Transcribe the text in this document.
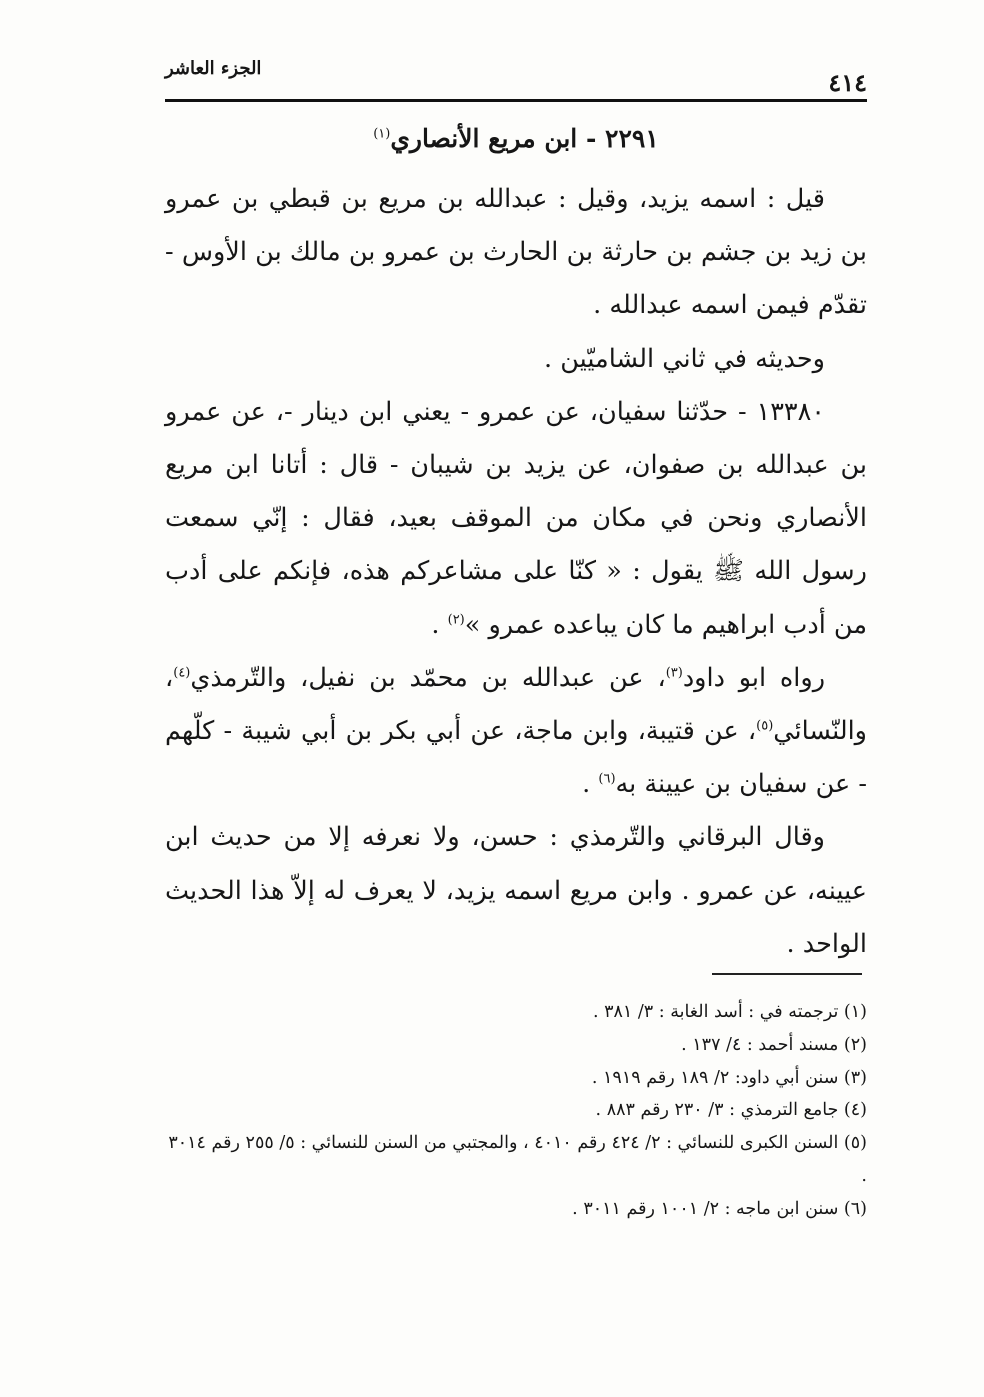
الجزء العاشر	٤١٤
٢٢٩١ - ابن مريع الأنصاري$^{(١)}$

قيل : اسمه يزيد، وقيل : عبدالله بن مريع بن قبطي بن عمرو بن زيد بن جشم بن حارثة بن الحارث بن عمرو بن مالك بن الأوس - تقدّم فيمن اسمه عبدالله .

وحديثه في ثاني الشاميّين .

١٣٣٨٠ - حدّثنا سفيان، عن عمرو - يعني ابن دينار -، عن عمرو بن عبدالله بن صفوان، عن يزيد بن شيبان - قال : أتانا ابن مريع الأنصاري ونحن في مكان من الموقف بعيد، فقال : إنّي سمعت رسول الله ﷺ يقول : « كنّا على مشاعركم هذه، فإنكم على أدب من أدب ابراهيم ما كان يباعده عمرو »$^{(٢)}$ .

رواه ابو داود$^{(٣)}$، عن عبدالله بن محمّد بن نفيل، والتّرمذي$^{(٤)}$، والنّسائي$^{(٥)}$، عن قتيبة، وابن ماجة، عن أبي بكر بن أبي شيبة - كلّهم - عن سفيان بن عيينة به$^{(٦)}$ .

وقال البرقاني والتّرمذي : حسن، ولا نعرفه إلا من حديث ابن عيينه، عن عمرو . وابن مريع اسمه يزيد، لا يعرف له إلاّ هذا الحديث الواحد .

(١) ترجمته في : أسد الغابة : ٣/ ٣٨١ .

(٢) مسند أحمد : ٤/ ١٣٧ .

(٣) سنن أبي داود: ٢/ ١٨٩ رقم ١٩١٩ .

(٤) جامع الترمذي : ٣/ ٢٣٠ رقم ٨٨٣ .

(٥) السنن الكبرى للنسائي : ٢/ ٤٢٤ رقم ٤٠١٠ ، والمجتبي من السنن للنسائي : ٥/ ٢٥٥ رقم ٣٠١٤ .

(٦) سنن ابن ماجه : ٢/ ١٠٠١ رقم ٣٠١١ .
